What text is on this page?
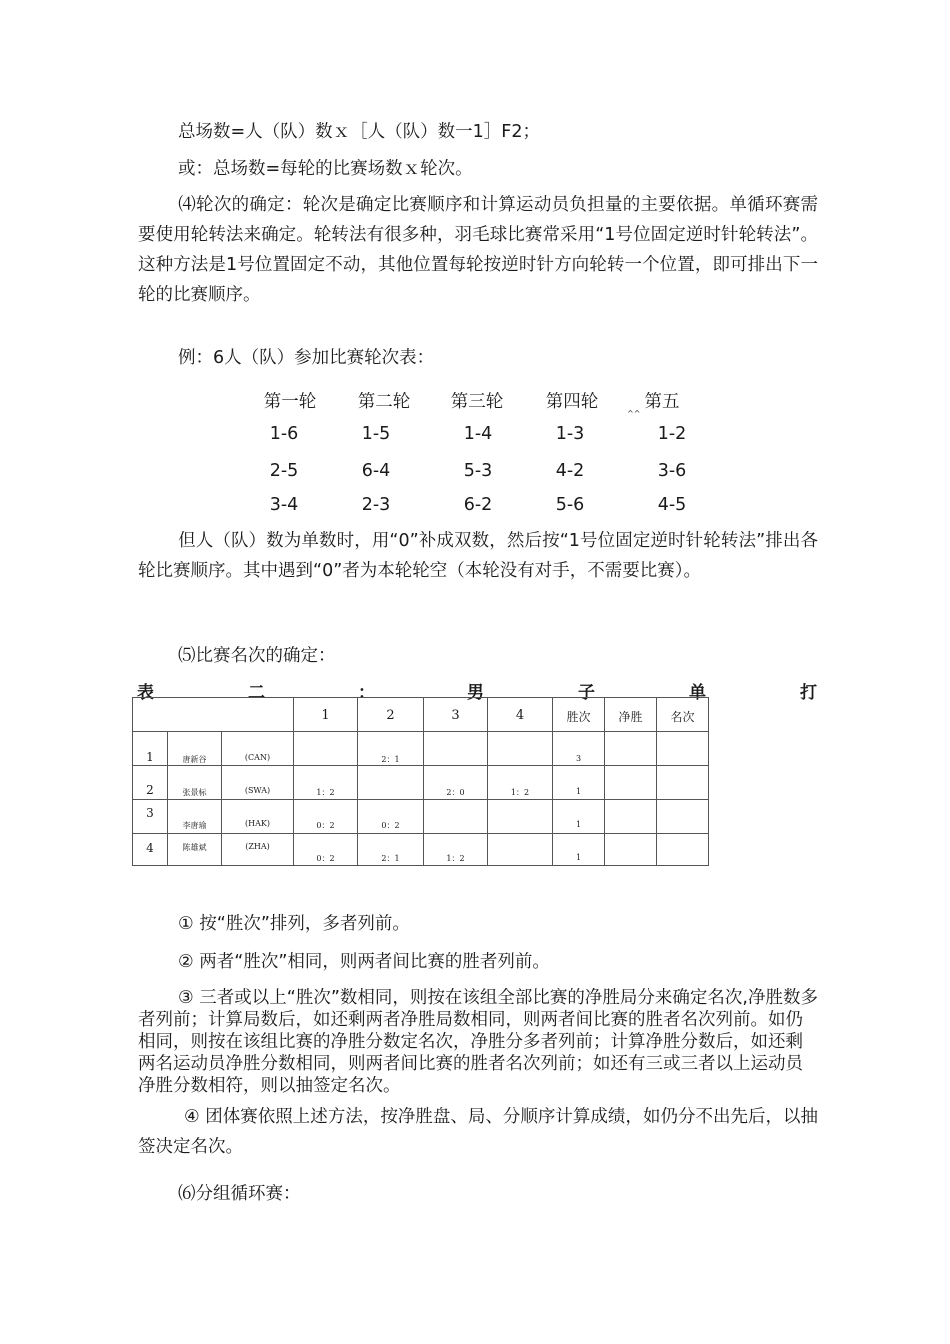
总场数=人（队）数ｘ［人（队）数一1］F2；
或：总场数=每轮的比赛场数ｘ轮次。
⑷轮次的确定：轮次是确定比赛顺序和计算运动员负担量的主要依据。单循环赛需要使用轮转法来确定。轮转法有很多种，羽毛球比赛常采用“1号位固定逆时针轮转法”。这种方法是1号位置固定不动，其他位置每轮按逆时针方向轮转一个位置，即可排出下一轮的比赛顺序。
例：6人（队）参加比赛轮次表：
第一轮	第二轮	第三轮	第四轮	第五
^^
1-6	1-5	1-4	1-3	1-2
2-5	6-4	5-3	4-2	3-6
3-4	2-3	6-2	5-6	4-5
但人（队）数为单数时，用“0”补成双数，然后按“1号位固定逆时针轮转法”排出各轮比赛顺序。其中遇到“0”者为本轮轮空（本轮没有对手，不需要比赛）。
⑸比赛名次的确定：
表	二	：	男	子	单	打

			1	2	3	4	胜次	净胜	名次

1	唐新谷	(CAN)		2：1			3		

2	张景标	(SWA)	1：2		2：0	1：2	1		

3	李唐瑜	(HAK)	0：2	0：2			1		

4	陈雄斌	(ZHA)	0：2	2：1	1：2		1		

① 按“胜次”排列，多者列前。
② 两者“胜次”相同，则两者间比赛的胜者列前。
③ 三者或以上“胜次”数相同，则按在该组全部比赛的净胜局分来确定名次,净胜数多者列前；计算局数后，如还剩两者净胜局数相同，则两者间比赛的胜者名次列前。如仍相同，则按在该组比赛的净胜分数定名次，净胜分多者列前；计算净胜分数后，如还剩两名运动员净胜分数相同，则两者间比赛的胜者名次列前；如还有三或三者以上运动员净胜分数相符，则以抽签定名次。
④ 团体赛依照上述方法，按净胜盘、局、分顺序计算成绩，如仍分不出先后，以抽签决定名次。
⑹分组循环赛：
